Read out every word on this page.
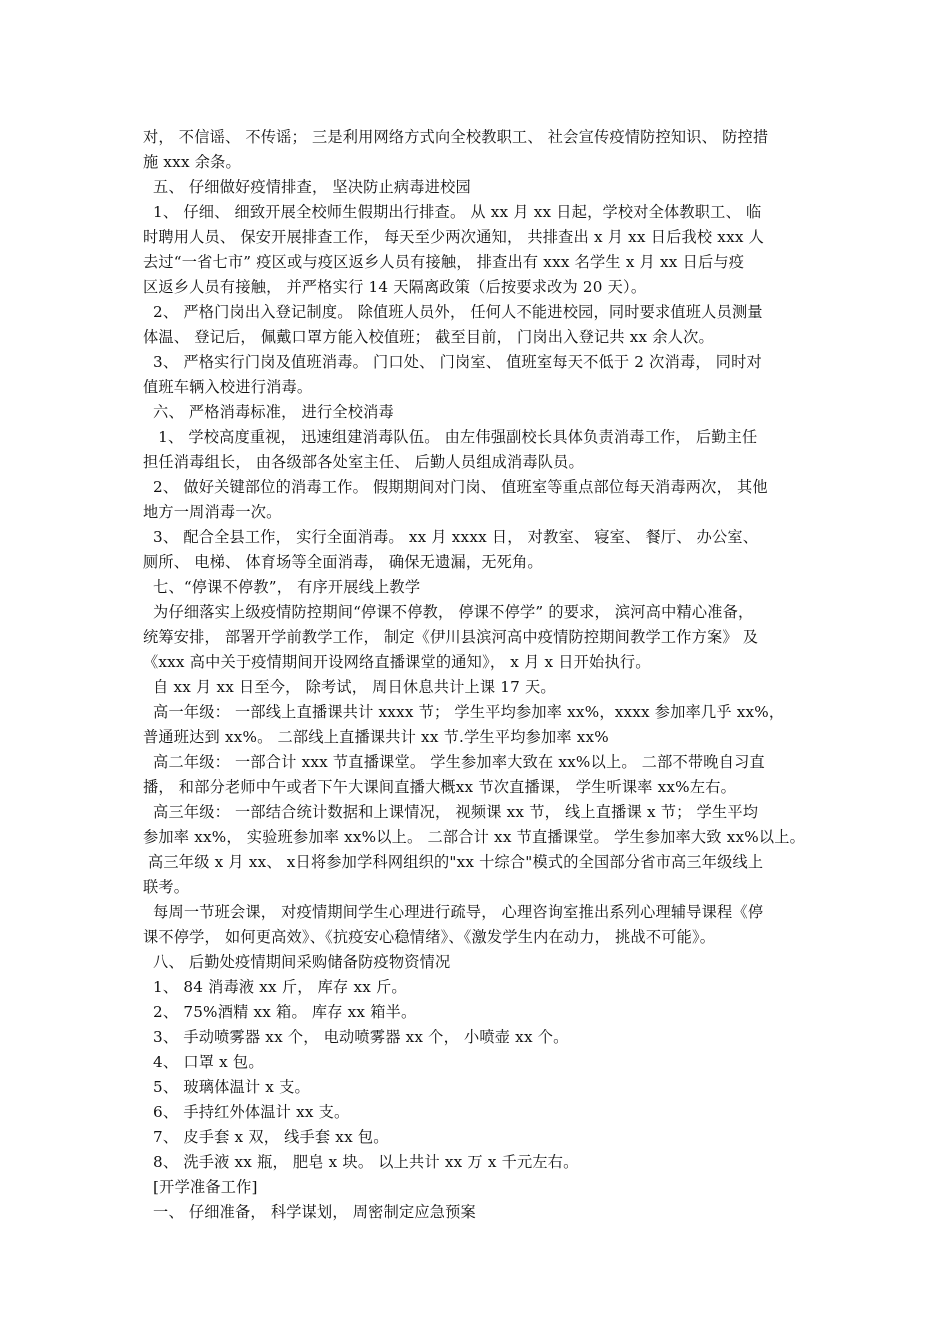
对， 不信谣、 不传谣； 三是利用网络方式向全校教职工、 社会宣传疫情防控知识、 防控措
施 xxx 余条。
五、 仔细做好疫情排查， 坚决防止病毒进校园
1、 仔细、 细致开展全校师生假期出行排查。 从 xx 月 xx 日起，学校对全体教职工、 临
时聘用人员、 保安开展排查工作， 每天至少两次通知， 共排查出 x 月 xx 日后我校 xxx 人
去过“一省七市” 疫区或与疫区返乡人员有接触， 排查出有 xxx 名学生 x 月 xx 日后与疫
区返乡人员有接触， 并严格实行 14 天隔离政策（后按要求改为 20 天）。
2、 严格门岗出入登记制度。 除值班人员外， 任何人不能进校园，同时要求值班人员测量
体温、 登记后， 佩戴口罩方能入校值班； 截至目前， 门岗出入登记共 xx 余人次。
3、 严格实行门岗及值班消毒。 门口处、 门岗室、 值班室每天不低于 2 次消毒， 同时对
值班车辆入校进行消毒。
六、 严格消毒标准， 进行全校消毒
1、 学校高度重视， 迅速组建消毒队伍。 由左伟强副校长具体负责消毒工作， 后勤主任
担任消毒组长， 由各级部各处室主任、 后勤人员组成消毒队员。
2、 做好关键部位的消毒工作。 假期期间对门岗、 值班室等重点部位每天消毒两次， 其他
地方一周消毒一次。
3、 配合全县工作， 实行全面消毒。 xx 月 xxxx 日， 对教室、 寝室、 餐厅、 办公室、
厕所、 电梯、 体育场等全面消毒， 确保无遗漏，无死角。
七、“停课不停教”， 有序开展线上教学
为仔细落实上级疫情防控期间“停课不停教， 停课不停学” 的要求， 滨河高中精心准备，
统筹安排， 部署开学前教学工作， 制定《伊川县滨河高中疫情防控期间教学工作方案》 及
《xxx 高中关于疫情期间开设网络直播课堂的通知》， x 月 x 日开始执行。
自 xx 月 xx 日至今， 除考试， 周日休息共计上课 17 天。
高一年级： 一部线上直播课共计 xxxx 节； 学生平均参加率 xx%，xxxx 参加率几乎 xx%，
普通班达到 xx%。 二部线上直播课共计 xx 节.学生平均参加率 xx%
高二年级： 一部合计 xxx 节直播课堂。 学生参加率大致在 xx%以上。 二部不带晚自习直
播， 和部分老师中午或者下午大课间直播大概xx 节次直播课， 学生听课率 xx%左右。
高三年级： 一部结合统计数据和上课情况， 视频课 xx 节， 线上直播课 x 节； 学生平均
参加率 xx%， 实验班参加率 xx%以上。 二部合计 xx 节直播课堂。 学生参加率大致 xx%以上。
高三年级 x 月 xx、 x日将参加学科网组织的"xx 十综合"模式的全国部分省市高三年级线上
联考。
每周一节班会课， 对疫情期间学生心理进行疏导， 心理咨询室推出系列心理辅导课程《停
课不停学， 如何更高效》、《抗疫安心稳情绪》、《激发学生内在动力， 挑战不可能》。
八、 后勤处疫情期间采购储备防疫物资情况
1、 84 消毒液 xx 斤， 库存 xx 斤。
2、 75%酒精 xx 箱。 库存 xx 箱半。
3、 手动喷雾器 xx 个， 电动喷雾器 xx 个， 小喷壶 xx 个。
4、 口罩 x 包。
5、 玻璃体温计 x 支。
6、 手持红外体温计 xx 支。
7、 皮手套 x 双， 线手套 xx 包。
8、 洗手液 xx 瓶， 肥皂 x 块。 以上共计 xx 万 x 千元左右。
[开学准备工作]
一、 仔细准备， 科学谋划， 周密制定应急预案
